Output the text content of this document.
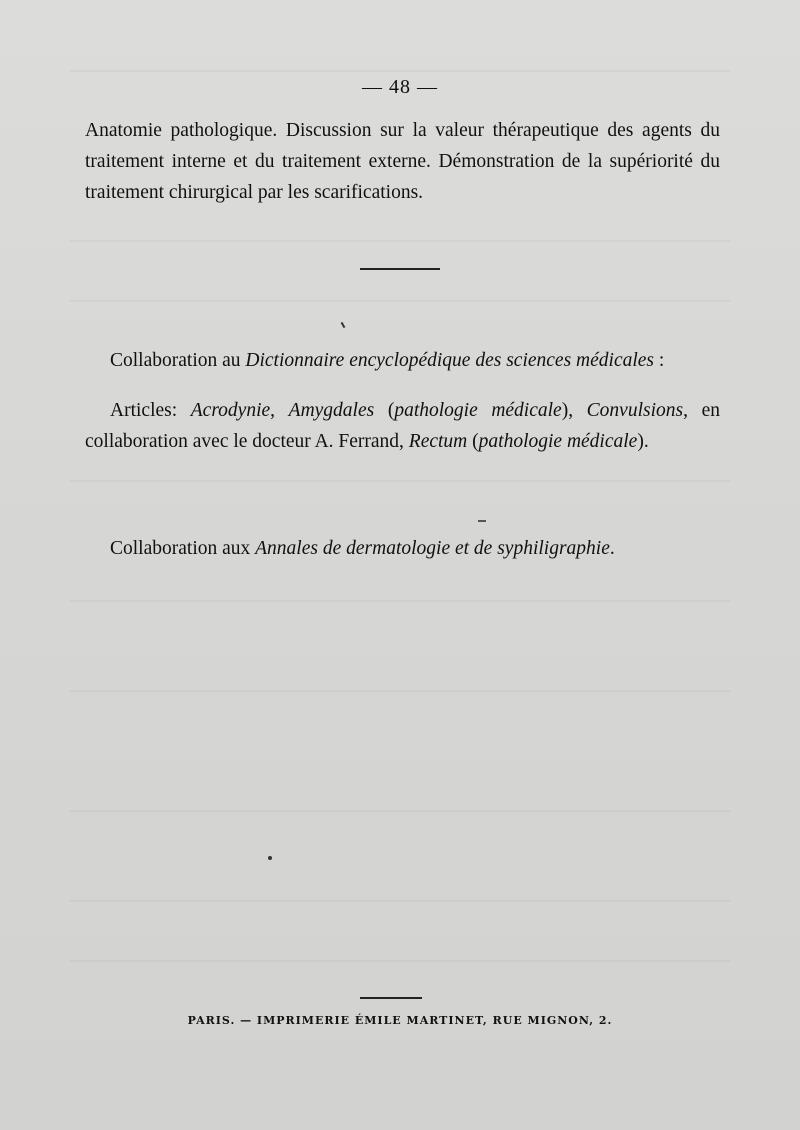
— 48 —
Anatomie pathologique. Discussion sur la valeur thérapeutique des agents du traitement interne et du traitement externe. Démonstration de la supériorité du traitement chirurgical par les scarifications.
Collaboration au Dictionnaire encyclopédique des sciences médicales :
Articles: Acrodynie, Amygdales (pathologie médicale), Convulsions, en collaboration avec le docteur A. Ferrand, Rectum (pathologie médicale).
Collaboration aux Annales de dermatologie et de syphiligraphie.
PARIS. — IMPRIMERIE ÉMILE MARTINET, RUE MIGNON, 2.
